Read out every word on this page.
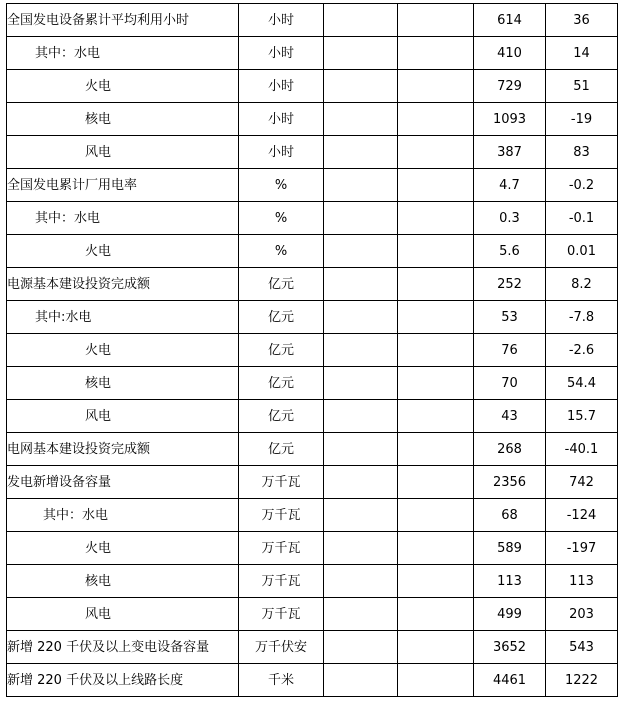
全国发电设备累计平均利用小时	小时			614	36
其中：水电	小时			410	14
火电	小时			729	51
核电	小时			1093	-19
风电	小时			387	83
全国发电累计厂用电率	%			4.7	-0.2
其中：水电	%			0.3	-0.1
火电	%			5.6	0.01
电源基本建设投资完成额	亿元			252	8.2
其中:水电	亿元			53	-7.8
火电	亿元			76	-2.6
核电	亿元			70	54.4
风电	亿元			43	15.7
电网基本建设投资完成额	亿元			268	-40.1
发电新增设备容量	万千瓦			2356	742
其中：水电	万千瓦			68	-124
火电	万千瓦			589	-197
核电	万千瓦			113	113
风电	万千瓦			499	203
新增 220 千伏及以上变电设备容量	万千伏安			3652	543
新增 220 千伏及以上线路长度	千米			4461	1222
